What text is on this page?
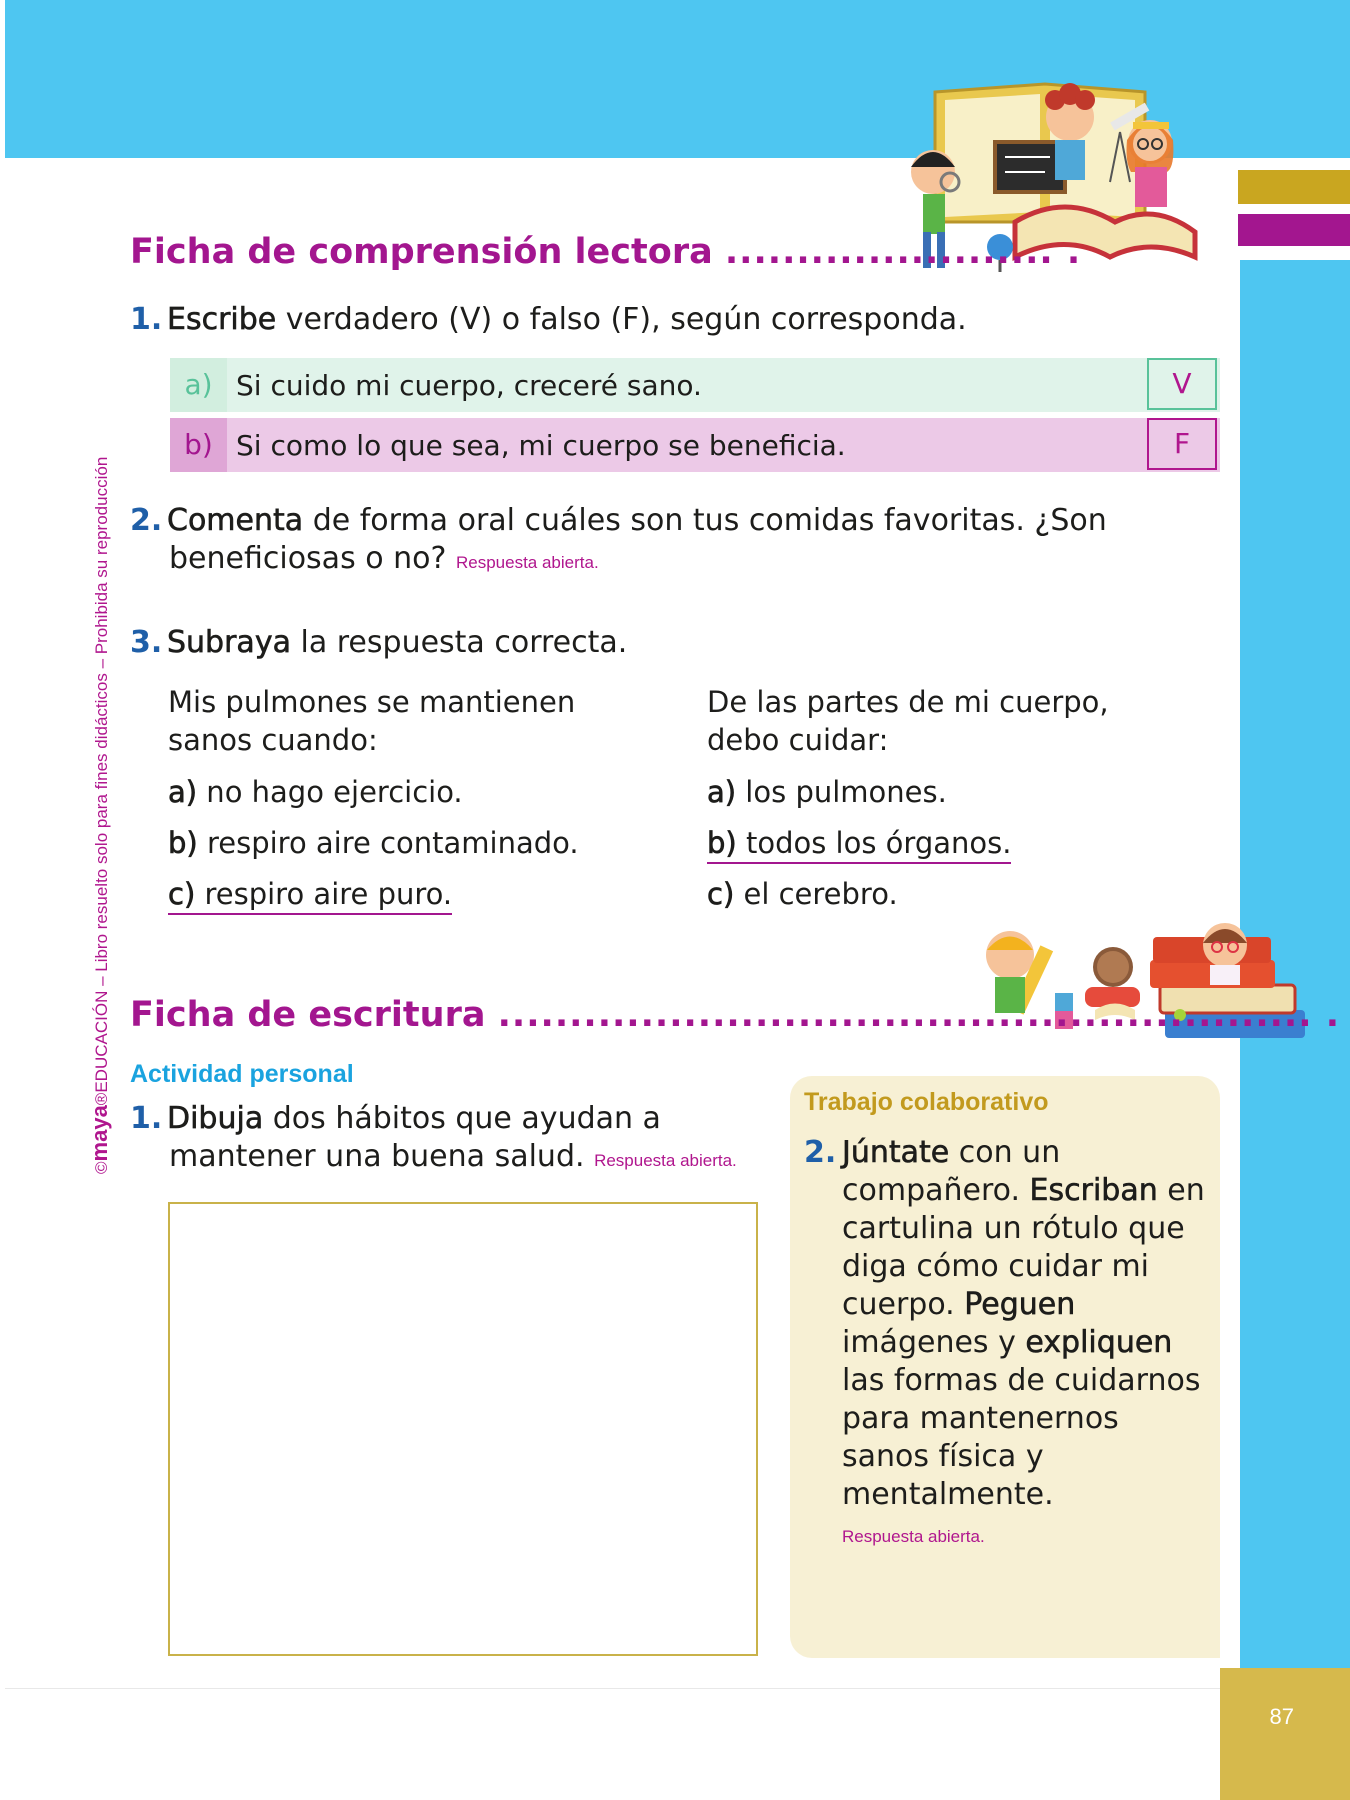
87
©maya®EDUCACIÓN – Libro resuelto solo para fines didácticos – Prohibida su reproducción
Ficha de comprensión lectora ....................... .
1. Escribe verdadero (V) o falso (F), según corresponda.
a) Si cuido mi cuerpo, creceré sano.	V
b) Si como lo que sea, mi cuerpo se beneficia.	F
2. Comenta de forma oral cuáles son tus comidas favoritas. ¿Son
beneficiosas o no? Respuesta abierta.
3. Subraya la respuesta correcta.
Mis pulmones se mantienen
sanos cuando:
a) no hago ejercicio.
b) respiro aire contaminado.
c) respiro aire puro.
De las partes de mi cuerpo,
debo cuidar:
a) los pulmones.
b) todos los órganos.
c) el cerebro.
Ficha de escritura ......................................................... .
Actividad personal
1. Dibuja dos hábitos que ayudan a
mantener una buena salud. Respuesta abierta.
Trabajo colaborativo
2. Júntate con un compañero. Escriban en cartulina un rótulo que diga cómo cuidar mi cuerpo. Peguen imágenes y expliquen las formas de cuidarnos para mantenernos sanos física y mentalmente.
Respuesta abierta.
